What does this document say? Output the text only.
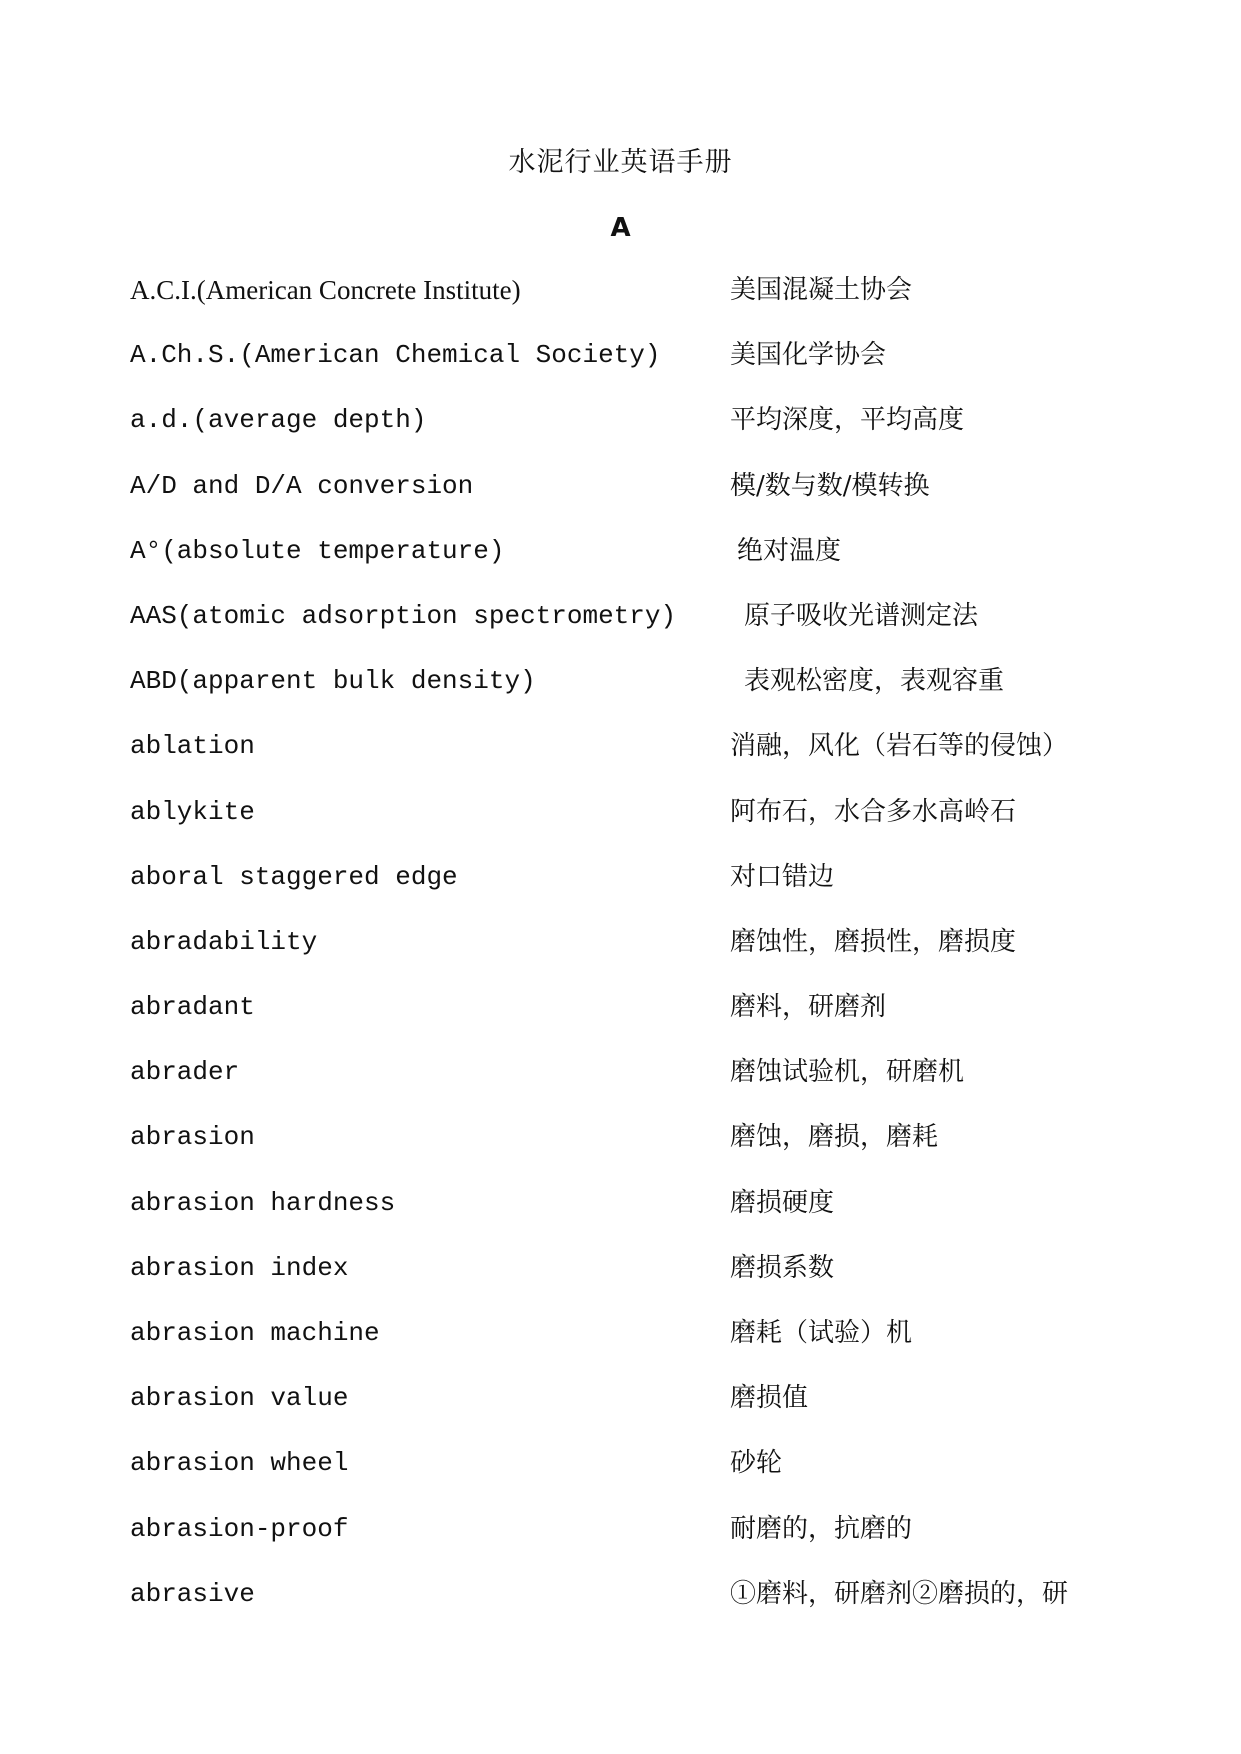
水泥行业英语手册
A
A.C.I.(American Concrete Institute)	美国混凝土协会
A.Ch.S.(American Chemical Society)	美国化学协会
a.d.(average depth)	平均深度，平均高度
A/D and D/A conversion	模/数与数/模转换
A°(absolute temperature)	绝对温度
AAS(atomic adsorption spectrometry)	原子吸收光谱测定法
ABD(apparent bulk density)	表观松密度，表观容重
ablation	消融，风化（岩石等的侵蚀）
ablykite	阿布石，水合多水高岭石
aboral staggered edge	对口错边
abradability	磨蚀性，磨损性，磨损度
abradant	磨料，研磨剂
abrader	磨蚀试验机，研磨机
abrasion	磨蚀，磨损，磨耗
abrasion hardness	磨损硬度
abrasion index	磨损系数
abrasion machine	磨耗（试验）机
abrasion value	磨损值
abrasion wheel	砂轮
abrasion-proof	耐磨的，抗磨的
abrasive	①磨料，研磨剂②磨损的，研
